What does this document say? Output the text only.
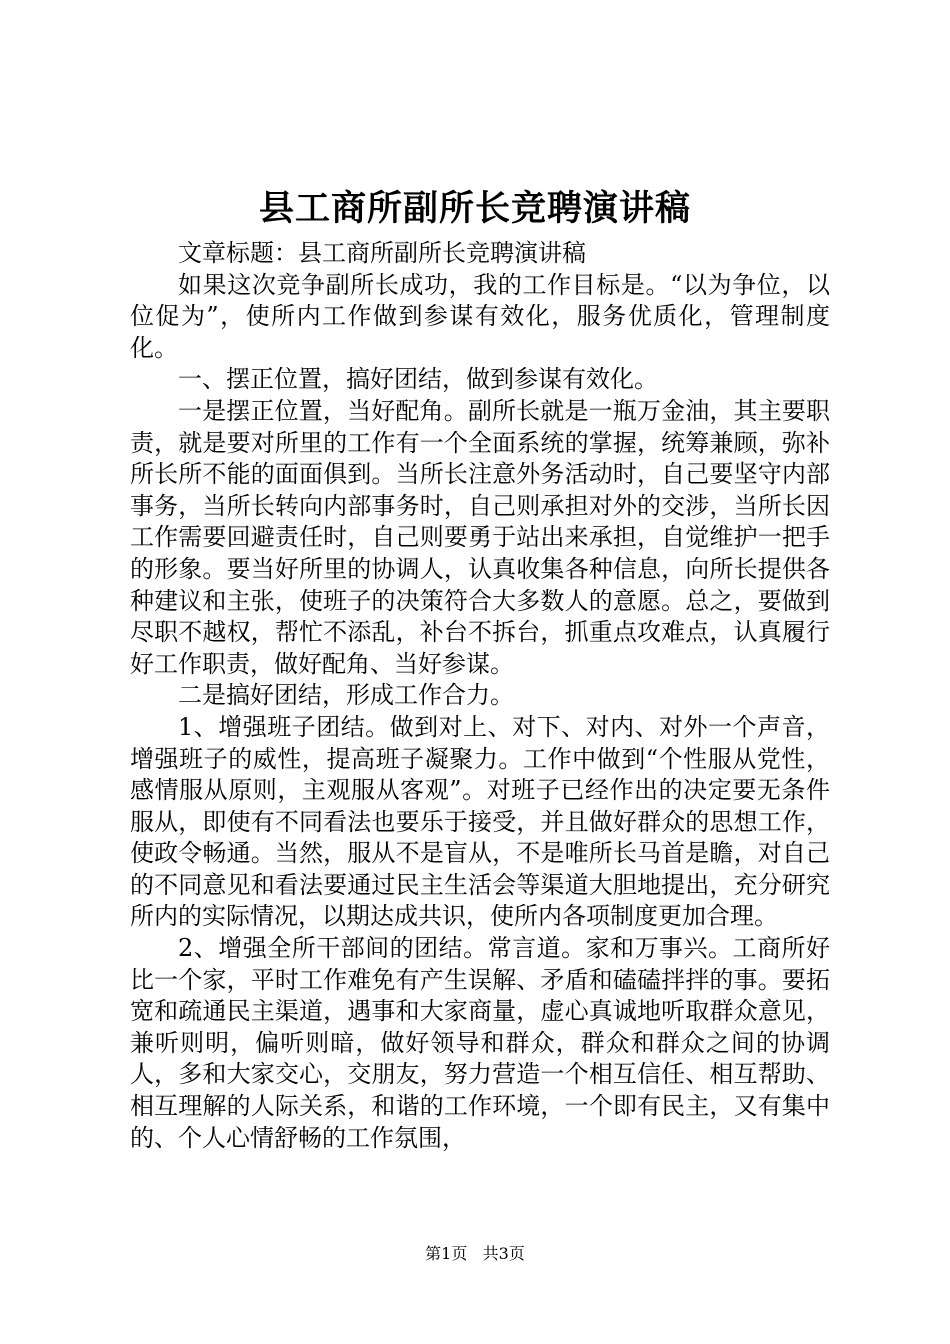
县工商所副所长竞聘演讲稿

文章标题：县工商所副所长竞聘演讲稿

如果这次竞争副所长成功，我的工作目标是。“以为争位，以位促为”，使所内工作做到参谋有效化，服务优质化，管理制度化。

一、摆正位置，搞好团结，做到参谋有效化。

一是摆正位置，当好配角。副所长就是一瓶万金油，其主要职责，就是要对所里的工作有一个全面系统的掌握，统筹兼顾，弥补所长所不能的面面俱到。当所长注意外务活动时，自己要坚守内部事务，当所长转向内部事务时，自己则承担对外的交涉，当所长因工作需要回避责任时，自己则要勇于站出来承担，自觉维护一把手的形象。要当好所里的协调人，认真收集各种信息，向所长提供各种建议和主张，使班子的决策符合大多数人的意愿。总之，要做到尽职不越权，帮忙不添乱，补台不拆台，抓重点攻难点，认真履行好工作职责，做好配角、当好参谋。

二是搞好团结，形成工作合力。

1、增强班子团结。做到对上、对下、对内、对外一个声音，增强班子的威性，提高班子凝聚力。工作中做到“个性服从党性，感情服从原则，主观服从客观”。对班子已经作出的决定要无条件服从，即使有不同看法也要乐于接受，并且做好群众的思想工作，使政令畅通。当然，服从不是盲从，不是唯所长马首是瞻，对自己的不同意见和看法要通过民主生活会等渠道大胆地提出，充分研究所内的实际情况，以期达成共识，使所内各项制度更加合理。

2、增强全所干部间的团结。常言道。家和万事兴。工商所好比一个家，平时工作难免有产生误解、矛盾和磕磕拌拌的事。要拓宽和疏通民主渠道，遇事和大家商量，虚心真诚地听取群众意见，兼听则明，偏听则暗，做好领导和群众，群众和群众之间的协调人，多和大家交心，交朋友，努力营造一个相互信任、相互帮助、相互理解的人际关系，和谐的工作环境，一个即有民主，又有集中的、个人心情舒畅的工作氛围，

第1页 共3页
